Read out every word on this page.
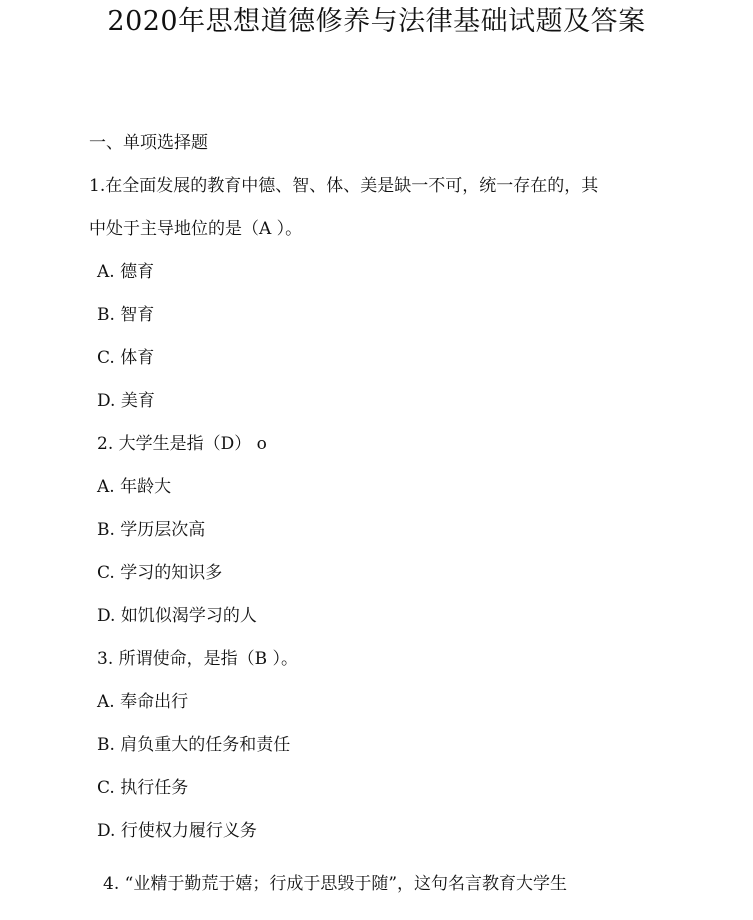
2020年思想道德修养与法律基础试题及答案
一、单项选择题
1.在全面发展的教育中德、智、体、美是缺一不可，统一存在的，其
中处于主导地位的是（A ）。
A. 德育
B. 智育
C. 体育
D. 美育
2. 大学生是指（D） o
A. 年龄大
B. 学历层次高
C. 学习的知识多
D. 如饥似渴学习的人
3. 所谓使命，是指（B ）。
A. 奉命出行
B. 肩负重大的任务和责任
C. 执行任务
D. 行使权力履行义务
4. “业精于勤荒于嬉；行成于思毁于随”，这句名言教育大学生
